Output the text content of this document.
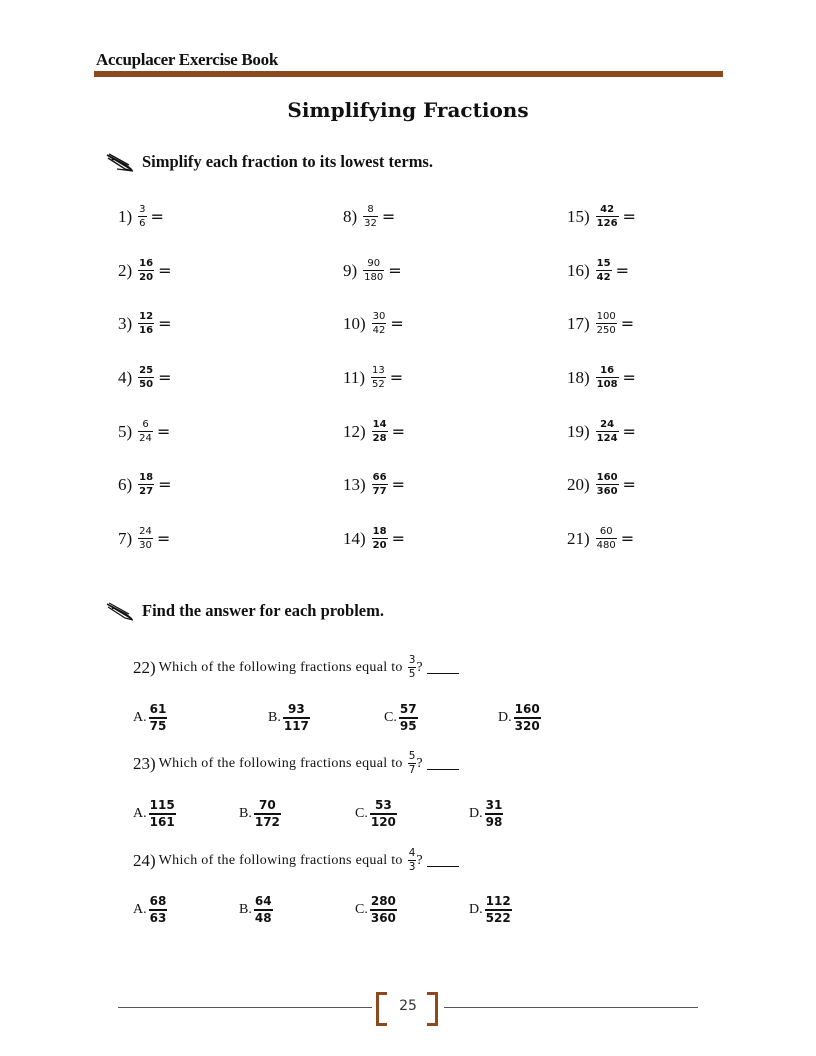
Accuplacer Exercise Book
Simplifying Fractions
Simplify each fraction to its lowest terms.
$1) \frac{3}{6}$ =
$2) \frac{16}{20}$ =
$3) \frac{12}{16}$ =
$4) \frac{25}{50}$ =
$5) \frac{6}{24}$ =
$6) \frac{18}{27}$ =
$7) \frac{24}{30}$ =
$8) \frac{8}{32}$ =
$9) \frac{90}{180}$ =
$10) \frac{30}{42}$ =
$11) \frac{13}{52}$ =
$12) \frac{14}{28}$ =
$13) \frac{66}{77}$ =
$14) \frac{18}{20}$ =
$15) \frac{42}{126}$ =
$16) \frac{15}{42}$ =
$17) \frac{100}{250}$ =
$18) \frac{16}{108}$ =
$19) \frac{24}{124}$ =
$20) \frac{160}{360}$ =
$21) \frac{60}{480}$ =
Find the answer for each problem.
22) Which of the following fractions equal to $\frac{3}{5}$ ?
A. $\frac{61}{75}$	B. $\frac{93}{117}$	C. $\frac{57}{95}$	D. $\frac{160}{320}$
23) Which of the following fractions equal to $\frac{5}{7}$ ?
A. $\frac{115}{161}$	B. $\frac{70}{172}$	C. $\frac{53}{120}$	D. $\frac{31}{98}$
24) Which of the following fractions equal to $\frac{4}{3}$ ?
A. $\frac{68}{63}$	B. $\frac{64}{48}$	C. $\frac{280}{360}$	D. $\frac{112}{522}$
25
